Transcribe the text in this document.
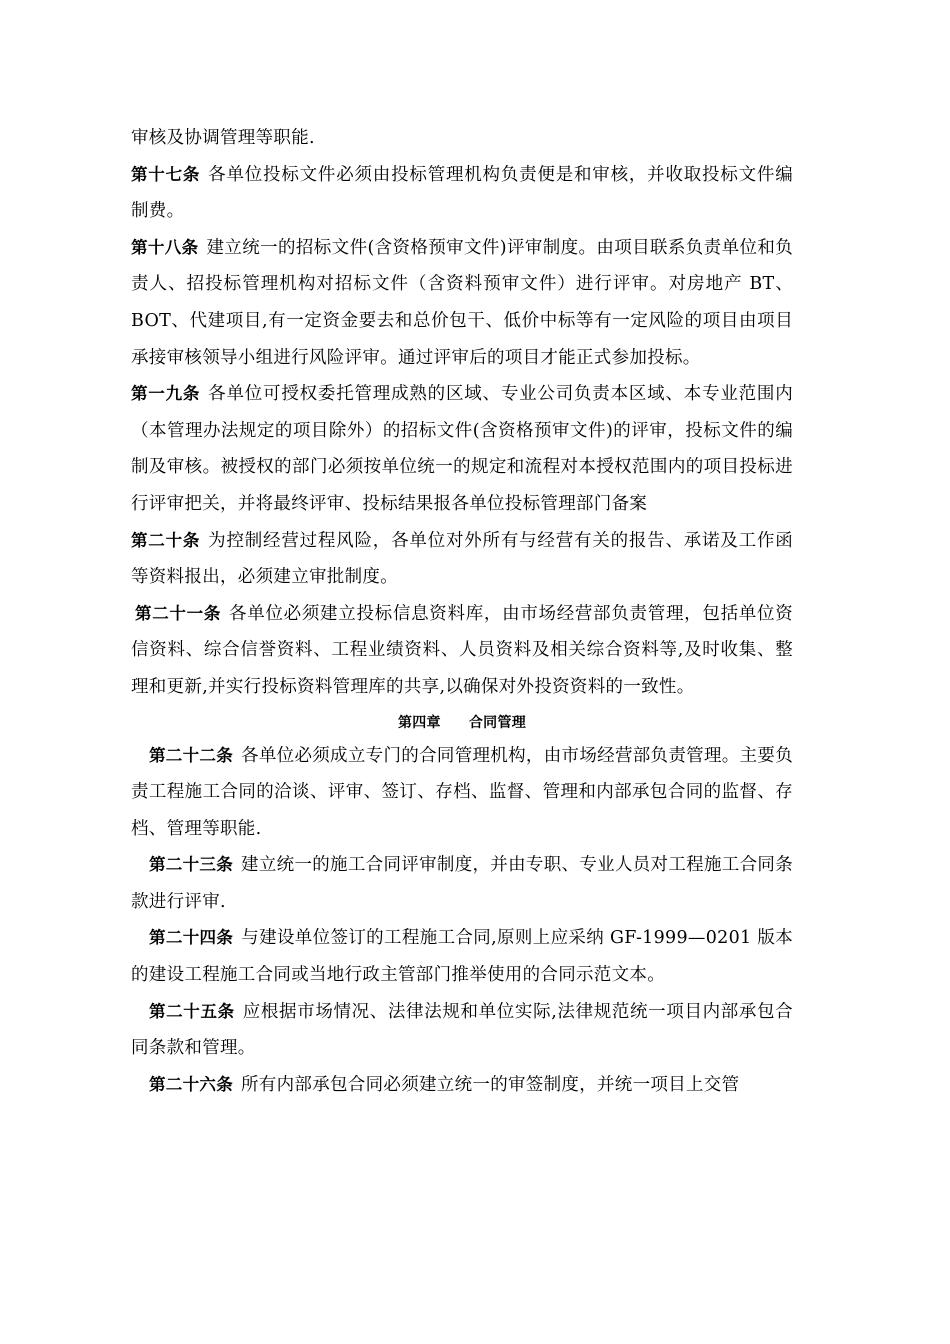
审核及协调管理等职能.

第十七条 各单位投标文件必须由投标管理机构负责便是和审核，并收取投标文件编制费。

第十八条 建立统一的招标文件(含资格预审文件)评审制度。由项目联系负责单位和负责人、招投标管理机构对招标文件（含资料预审文件）进行评审。对房地产 BT、BOT、代建项目,有一定资金要去和总价包干、低价中标等有一定风险的项目由项目承接审核领导小组进行风险评审。通过评审后的项目才能正式参加投标。

第一九条 各单位可授权委托管理成熟的区域、专业公司负责本区域、本专业范围内（本管理办法规定的项目除外）的招标文件(含资格预审文件)的评审，投标文件的编制及审核。被授权的部门必须按单位统一的规定和流程对本授权范围内的项目投标进行评审把关，并将最终评审、投标结果报各单位投标管理部门备案

第二十条 为控制经营过程风险，各单位对外所有与经营有关的报告、承诺及工作函等资料报出，必须建立审批制度。

第二十一条 各单位必须建立投标信息资料库，由市场经营部负责管理，包括单位资信资料、综合信誉资料、工程业绩资料、人员资料及相关综合资料等,及时收集、整理和更新,并实行投标资料管理库的共享,以确保对外投资资料的一致性。

第四章 合同管理

第二十二条 各单位必须成立专门的合同管理机构，由市场经营部负责管理。主要负责工程施工合同的洽谈、评审、签订、存档、监督、管理和内部承包合同的监督、存档、管理等职能.

第二十三条 建立统一的施工合同评审制度，并由专职、专业人员对工程施工合同条款进行评审.

第二十四条 与建设单位签订的工程施工合同,原则上应采纳 GF-1999—0201 版本的建设工程施工合同或当地行政主管部门推举使用的合同示范文本。

第二十五条 应根据市场情况、法律法规和单位实际,法律规范统一项目内部承包合同条款和管理。

第二十六条 所有内部承包合同必须建立统一的审签制度，并统一项目上交管
